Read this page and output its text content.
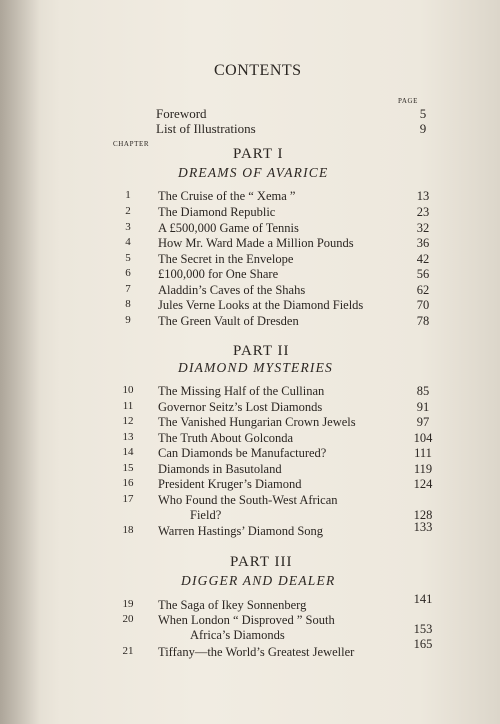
CONTENTS
PAGE
Foreword	5
List of Illustrations	9
CHAPTER
PART I
DREAMS OF AVARICE
1	The Cruise of the “ Xema ”	13
2	The Diamond Republic	23
3	A £500,000 Game of Tennis	32
4	How Mr. Ward Made a Million Pounds	36
5	The Secret in the Envelope	42
6	£100,000 for One Share	56
7	Aladdin’s Caves of the Shahs	62
8	Jules Verne Looks at the Diamond Fields	70
9	The Green Vault of Dresden	78
PART II
DIAMOND MYSTERIES
10	The Missing Half of the Cullinan	85
11	Governor Seitz’s Lost Diamonds	91
12	The Vanished Hungarian Crown Jewels	97
13	The Truth About Golconda	104
14	Can Diamonds be Manufactured?	111
15	Diamonds in Basutoland	119
16	President Kruger’s Diamond	124
17	Who Found the South-West African
Field?	128
18	Warren Hastings’ Diamond Song	133
PART III
DIGGER AND DEALER
19	The Saga of Ikey Sonnenberg	141
20	When London “ Disproved ” South
Africa’s Diamonds	153
21	Tiffany—the World’s Greatest Jeweller
165
